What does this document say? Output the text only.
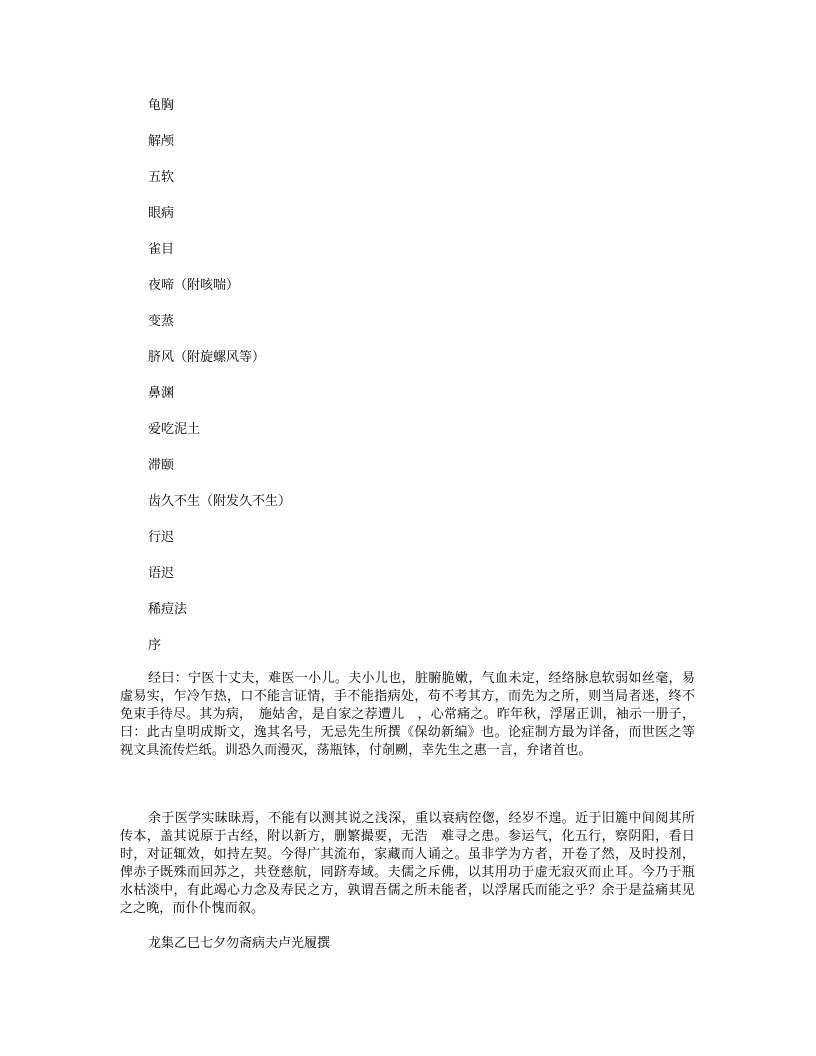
龟胸
解颅
五软
眼病
雀目
夜啼（附咳喘）
变蒸
脐风（附旋螺风等）
鼻渊
爱吃泥土
滞颐
齿久不生（附发久不生）
行迟
语迟
稀痘法
序

经曰：宁医十丈夫，难医一小儿。夫小儿也，脏腑脆嫩，气血未定，经络脉息软弱如丝毫，易虚易实，乍冷乍热，口不能言证情，手不能指病处，苟不考其方，而先为之所，则当局者迷，终不免束手待尽。其为病，　施姑舍，是自家之荐遭儿　，心常痛之。昨年秋，浮屠正训，袖示一册子，曰：此古皇明成斯文，逸其名号，无忌先生所撰《保幼新编》也。论症制方最为详备，而世医之等视文具流传烂纸。训恐久而漫灭，荡瓶钵，付剞劂，幸先生之惠一言，弁诸首也。

余于医学实昧昧焉，不能有以测其说之浅深，重以衰病倥偬，经岁不遑。近于旧簏中间阅其所传本，盖其说原于古经，附以新方，删繁撮要，无浩　难寻之患。参运气，化五行，察阴阳，看日时，对证辄效，如持左契。今得广其流布，家藏而人诵之。虽非学为方者，开卷了然，及时投剂，俾赤子既殊而回苏之，共登慈航，同跻寿域。夫儒之斥佛，以其用功于虚无寂灭而止耳。今乃于瓶水枯淡中，有此竭心力念及寿民之方，孰谓吾儒之所未能者，以浮屠氏而能之乎？余于是益痛其见之之晚，而仆仆愧而叙。

龙集乙巳七夕勿斋病夫卢光履撰
